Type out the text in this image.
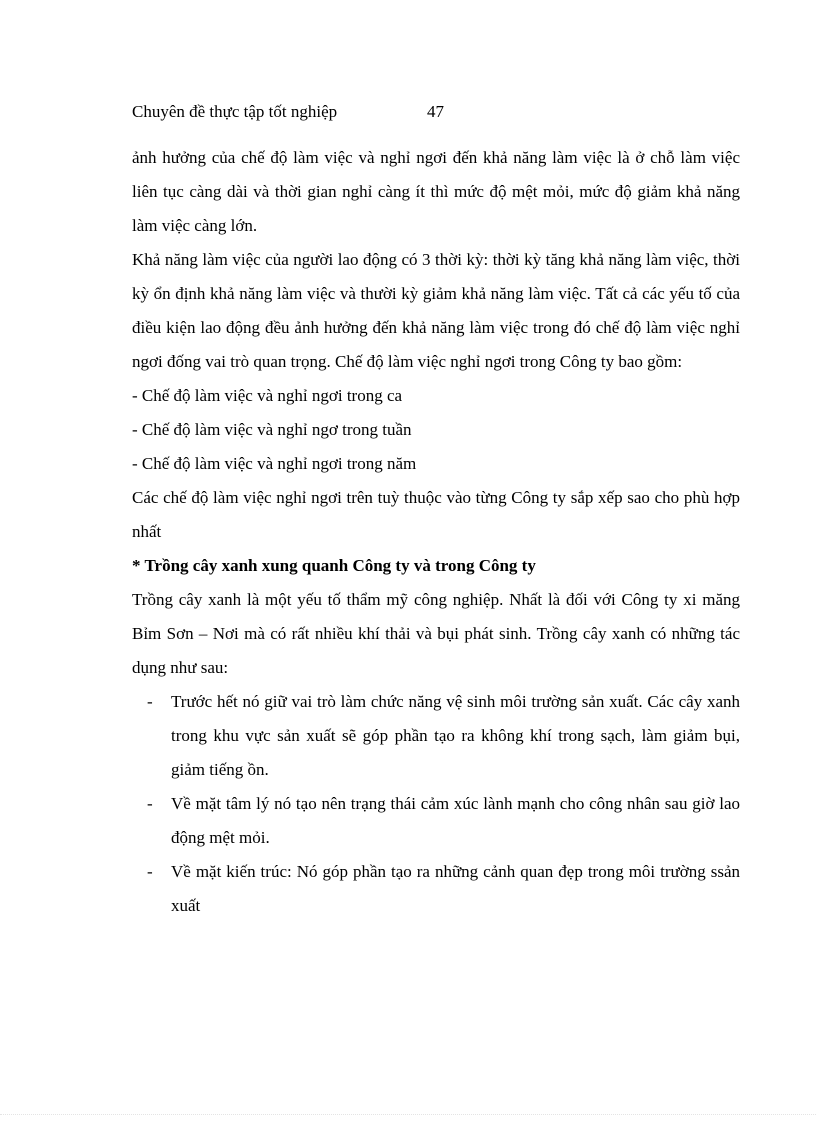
Chuyên đề thực tập tốt nghiệp	47

ảnh hưởng của chế độ làm việc và nghỉ ngơi đến khả năng làm việc là ở chỗ làm việc liên tục càng dài và thời gian nghỉ càng ít thì mức độ mệt mỏi, mức độ giảm khả năng làm việc càng lớn.

Khả năng làm việc của người lao động có 3 thời kỳ: thời kỳ tăng khả năng làm việc, thời kỳ ổn định khả năng làm việc và thười kỳ giảm khả năng làm việc. Tất cả các yếu tố của điều kiện lao động đều ảnh hưởng đến khả năng làm việc trong đó chế độ làm việc nghỉ ngơi đống vai trò quan trọng. Chế độ làm việc nghỉ ngơi trong Công ty bao gồm:

- Chế độ làm việc và nghỉ ngơi trong ca

- Chế độ làm việc và nghỉ ngơ trong tuần

- Chế độ làm việc và nghỉ ngơi trong năm

Các chế độ làm việc nghỉ ngơi trên tuỳ thuộc vào từng Công ty sắp xếp sao cho phù hợp nhất

* Trồng cây xanh xung quanh Công ty và trong Công ty

Trồng cây xanh là một yếu tố thẩm mỹ công nghiệp. Nhất là đối với Công ty xi măng Bỉm Sơn – Nơi mà có rất nhiều khí thải và bụi phát sinh. Trồng cây xanh có những tác dụng như sau:

- Trước hết nó giữ vai trò làm chức năng vệ sinh môi trường sản xuất. Các cây xanh trong khu vực sản xuất sẽ góp phần tạo ra không khí trong sạch, làm giảm bụi, giảm tiếng ồn.
- Về mặt tâm lý nó tạo nên trạng thái cảm xúc lành mạnh cho công nhân sau giờ lao động mệt mỏi.
- Về mặt kiến trúc: Nó góp phần tạo ra những cảnh quan đẹp trong môi trường ssản xuất
